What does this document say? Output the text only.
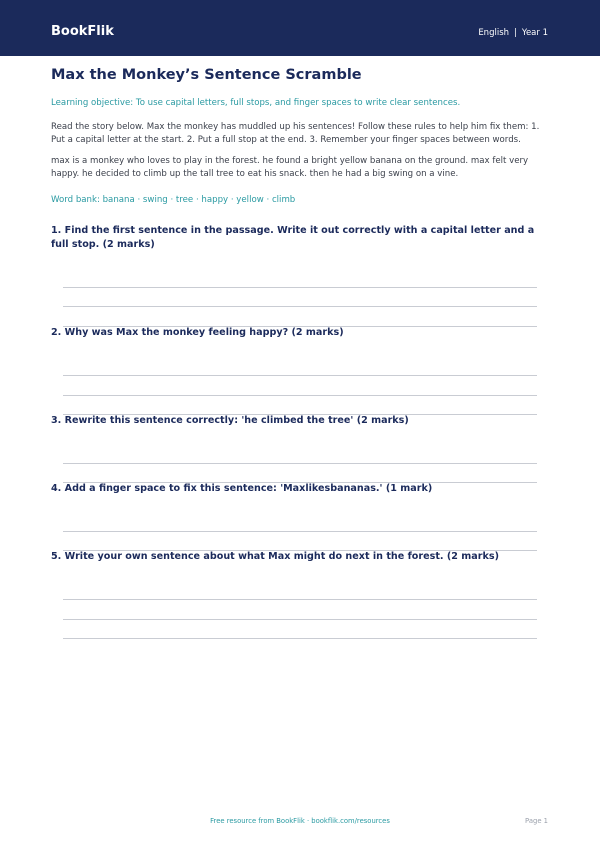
BookFlik	English | Year 1
Max the Monkey’s Sentence Scramble
Learning objective: To use capital letters, full stops, and finger spaces to write clear sentences.
Read the story below. Max the monkey has muddled up his sentences! Follow these rules to help him fix them: 1. Put a capital letter at the start. 2. Put a full stop at the end. 3. Remember your finger spaces between words.
max is a monkey who loves to play in the forest. he found a bright yellow banana on the ground. max felt very happy. he decided to climb up the tall tree to eat his snack. then he had a big swing on a vine.
Word bank: banana · swing · tree · happy · yellow · climb
1. Find the first sentence in the passage. Write it out correctly with a capital letter and a full stop. (2 marks)
2. Why was Max the monkey feeling happy? (2 marks)
3. Rewrite this sentence correctly: 'he climbed the tree' (2 marks)
4. Add a finger space to fix this sentence: 'Maxlikesbananas.' (1 mark)
5. Write your own sentence about what Max might do next in the forest. (2 marks)
Free resource from BookFlik · bookflik.com/resources	Page 1
